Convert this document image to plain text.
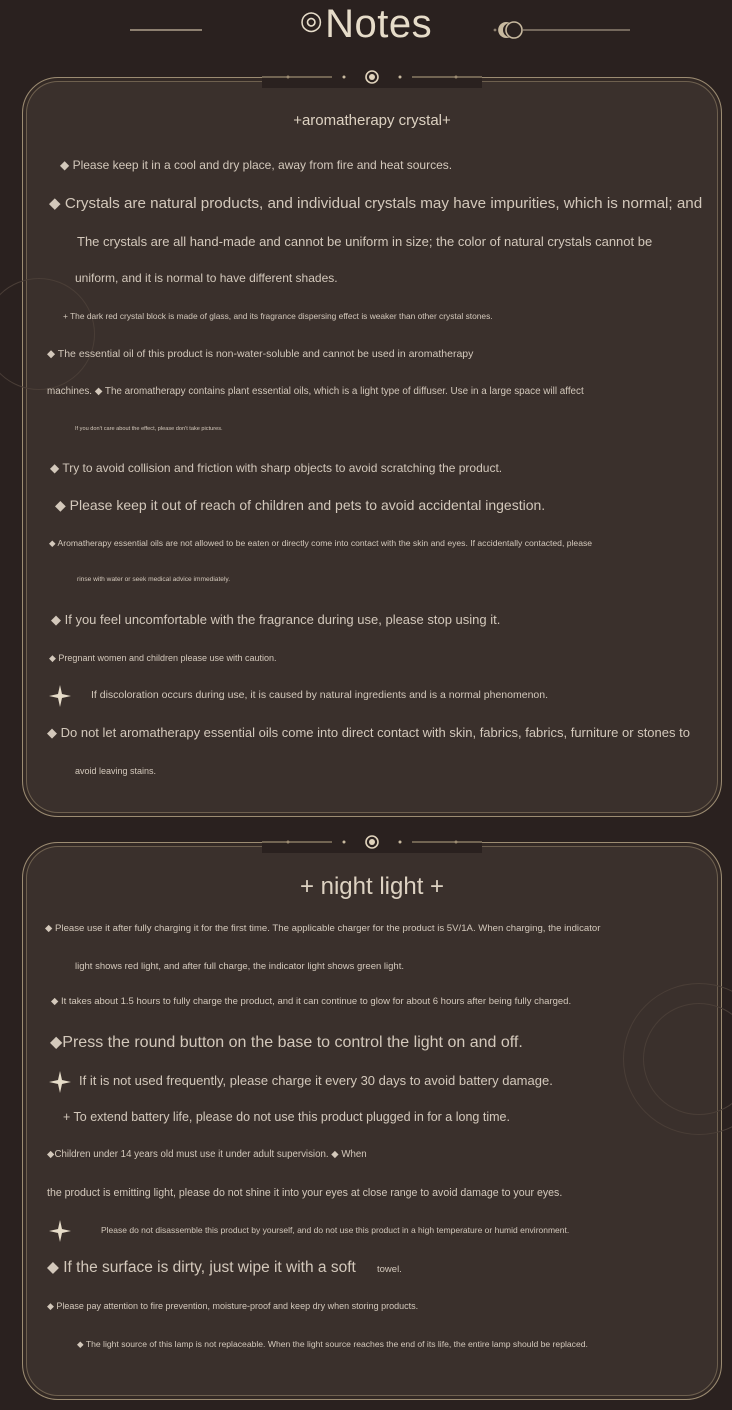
◎Notes
+aromatherapy crystal+
◆ Please keep it in a cool and dry place, away from fire and heat sources.
◆ Crystals are natural products, and individual crystals may have impurities, which is normal; and
The crystals are all hand-made and cannot be uniform in size; the color of natural crystals cannot be
uniform, and it is normal to have different shades.
+ The dark red crystal block is made of glass, and its fragrance dispersing effect is weaker than other crystal stones.
◆ The essential oil of this product is non-water-soluble and cannot be used in aromatherapy
machines. ◆ The aromatherapy contains plant essential oils, which is a light type of diffuser. Use in a large space will affect
If you don't care about the effect, please don't take pictures.
◆ Try to avoid collision and friction with sharp objects to avoid scratching the product.
◆ Please keep it out of reach of children and pets to avoid accidental ingestion.
◆ Aromatherapy essential oils are not allowed to be eaten or directly come into contact with the skin and eyes. If accidentally contacted, please
rinse with water or seek medical advice immediately.
◆ If you feel uncomfortable with the fragrance during use, please stop using it.
◆ Pregnant women and children please use with caution.
If discoloration occurs during use, it is caused by natural ingredients and is a normal phenomenon.
◆ Do not let aromatherapy essential oils come into direct contact with skin, fabrics, fabrics, furniture or stones to
avoid leaving stains.
+ night light +
◆ Please use it after fully charging it for the first time. The applicable charger for the product is 5V/1A. When charging, the indicator
light shows red light, and after full charge, the indicator light shows green light.
◆ It takes about 1.5 hours to fully charge the product, and it can continue to glow for about 6 hours after being fully charged.
◆Press the round button on the base to control the light on and off.
If it is not used frequently, please charge it every 30 days to avoid battery damage.
+ To extend battery life, please do not use this product plugged in for a long time.
◆Children under 14 years old must use it under adult supervision. ◆ When
the product is emitting light, please do not shine it into your eyes at close range to avoid damage to your eyes.
Please do not disassemble this product by yourself, and do not use this product in a high temperature or humid environment.
◆ If the surface is dirty, just wipe it with a soft towel.
◆ Please pay attention to fire prevention, moisture-proof and keep dry when storing products.
◆ The light source of this lamp is not replaceable. When the light source reaches the end of its life, the entire lamp should be replaced.
